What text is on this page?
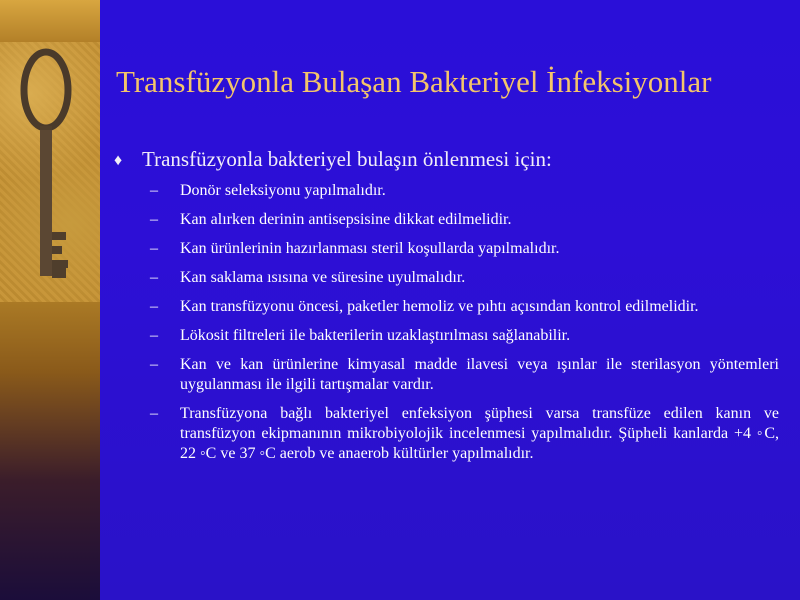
Transfüzyonla Bulaşan Bakteriyel İnfeksiyonlar
♦ Transfüzyonla bakteriyel bulaşın önlenmesi için:
–	Donör seleksiyonu yapılmalıdır.
–	Kan alırken derinin antisepsisine dikkat edilmelidir.
–	Kan ürünlerinin hazırlanması steril koşullarda yapılmalıdır.
–	Kan saklama ısısına ve süresine uyulmalıdır.
–	Kan transfüzyonu öncesi, paketler hemoliz ve pıhtı açısından kontrol edilmelidir.
–	Lökosit filtreleri ile bakterilerin uzaklaştırılması sağlanabilir.
–	Kan ve kan ürünlerine kimyasal madde ilavesi veya ışınlar ile sterilasyon yöntemleri uygulanması ile ilgili tartışmalar vardır.
–	Transfüzyona bağlı bakteriyel enfeksiyon şüphesi varsa transfüze edilen kanın ve transfüzyon ekipmanının mikrobiyolojik incelenmesi yapılmalıdır. Şüpheli kanlarda +4 ◦C, 22 ◦C ve 37 ◦C aerob ve anaerob kültürler yapılmalıdır.
